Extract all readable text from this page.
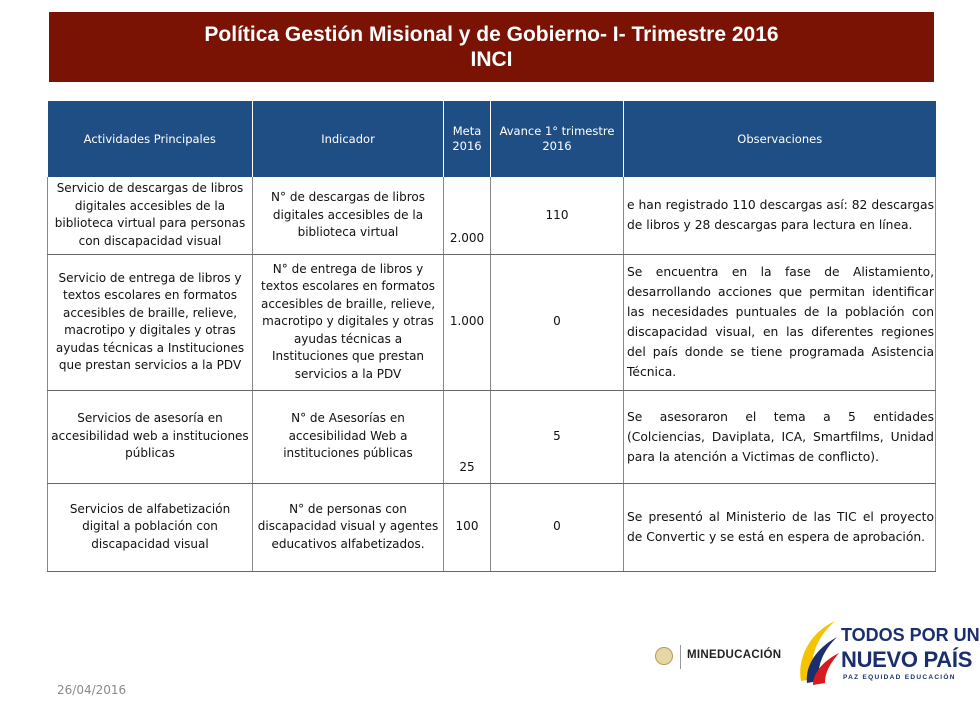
Política Gestión Misional y de Gobierno- I- Trimestre 2016
INCI
Actividades Principales	Indicador	Meta 2016	Avance 1° trimestre 2016	Observaciones
Servicio de descargas de libros digitales accesibles de la biblioteca virtual para personas con discapacidad visual	N° de descargas de libros digitales accesibles de la biblioteca virtual	2.000	110	e han registrado 110 descargas así: 82 descargas de libros y 28 descargas para lectura en línea.
Servicio de entrega de libros y textos escolares en formatos accesibles de braille, relieve, macrotipo y digitales y otras ayudas técnicas a Instituciones que prestan servicios a la PDV	N° de entrega de libros y textos escolares en formatos accesibles de braille, relieve, macrotipo y digitales y otras ayudas técnicas a Instituciones que prestan servicios a la PDV	1.000	0	Se encuentra en la fase de Alistamiento, desarrollando acciones que permitan identificar las necesidades puntuales de la población con discapacidad visual, en las diferentes regiones del país donde se tiene programada Asistencia Técnica.
Servicios de asesoría en accesibilidad web a instituciones públicas	N° de Asesorías en accesibilidad Web a instituciones públicas	25	5	Se asesoraron el tema a 5 entidades (Colciencias, Daviplata, ICA, Smartfilms, Unidad para la atención a Victimas de conflicto).
Servicios de alfabetización digital a población con discapacidad visual	N° de personas con discapacidad visual y agentes educativos alfabetizados.	100	0	Se presentó al Ministerio de las TIC el proyecto de Convertic y se está en espera de aprobación.
26/04/2016
MINEDUCACIÓN
TODOS POR UN
NUEVO PAÍS
PAZ EQUIDAD EDUCACIÓN
